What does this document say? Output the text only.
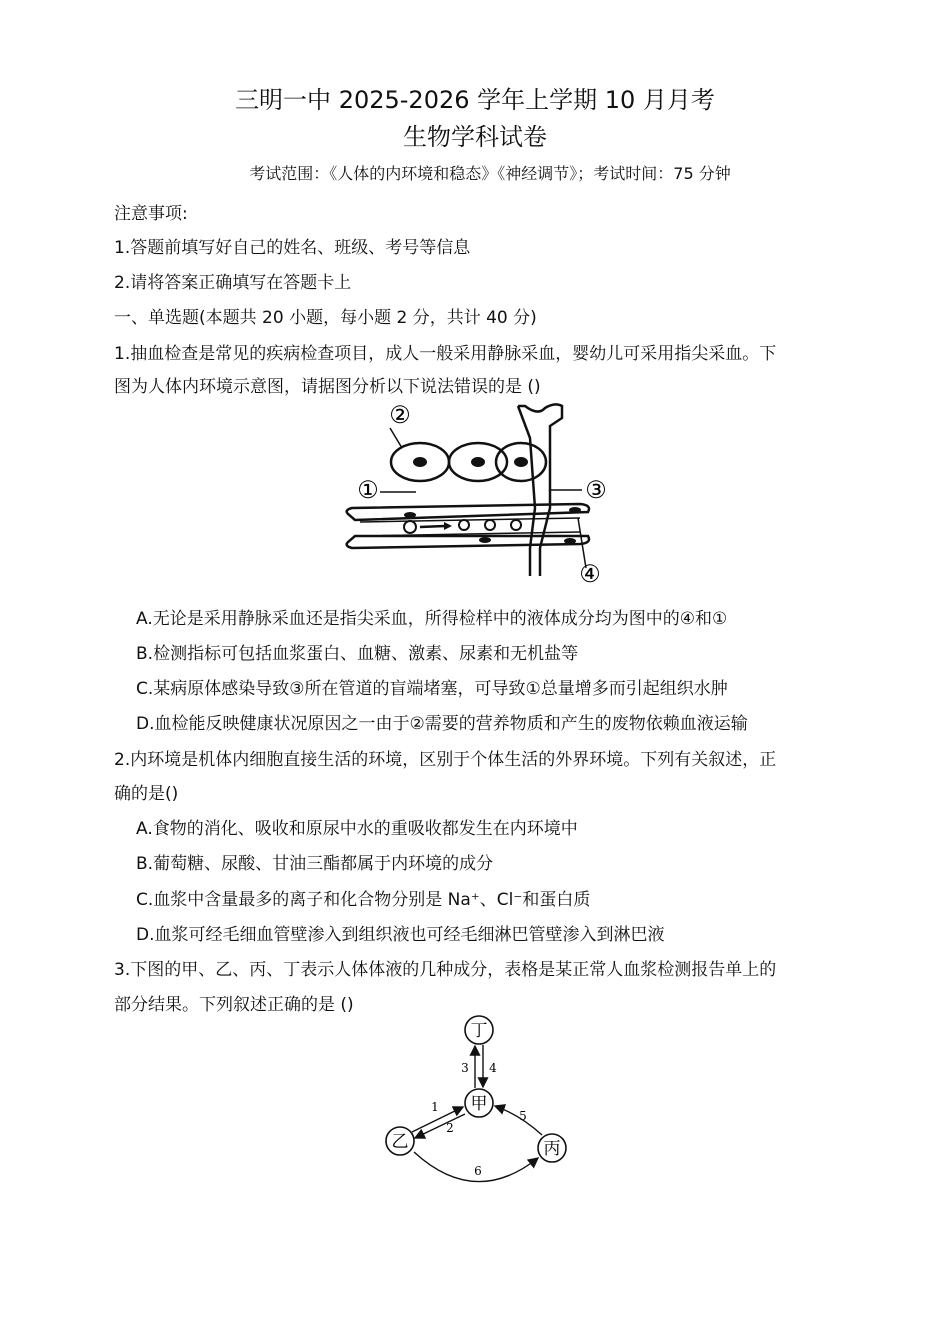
三明一中 2025-2026 学年上学期 10 月月考
生物学科试卷
考试范围：《人体的内环境和稳态》《神经调节》；考试时间：75 分钟
注意事项:
1.答题前填写好自己的姓名、班级、考号等信息
2.请将答案正确填写在答题卡上
一、单选题(本题共 20 小题，每小题 2 分，共计 40 分)
1.抽血检查是常见的疾病检查项目，成人一般采用静脉采血，婴幼儿可采用指尖采血。下
图为人体内环境示意图，请据图分析以下说法错误的是 ()
①
②
③
④
A.无论是采用静脉采血还是指尖采血，所得检样中的液体成分均为图中的④和①
B.检测指标可包括血浆蛋白、血糖、激素、尿素和无机盐等
C.某病原体感染导致③所在管道的盲端堵塞，可导致①总量增多而引起组织水肿
D.血检能反映健康状况原因之一由于②需要的营养物质和产生的废物依赖血液运输
2.内环境是机体内细胞直接生活的环境，区别于个体生活的外界环境。下列有关叙述，正
确的是()
A.食物的消化、吸收和原尿中水的重吸收都发生在内环境中
B.葡萄糖、尿酸、甘油三酯都属于内环境的成分
C.血浆中含量最多的离子和化合物分别是 Na⁺、Cl⁻和蛋白质
D.血浆可经毛细血管壁渗入到组织液也可经毛细淋巴管壁渗入到淋巴液
3.下图的甲、乙、丙、丁表示人体体液的几种成分，表格是某正常人血浆检测报告单上的
部分结果。下列叙述正确的是 ()
丁
甲
乙	丙
3 4
1
2
5
6
